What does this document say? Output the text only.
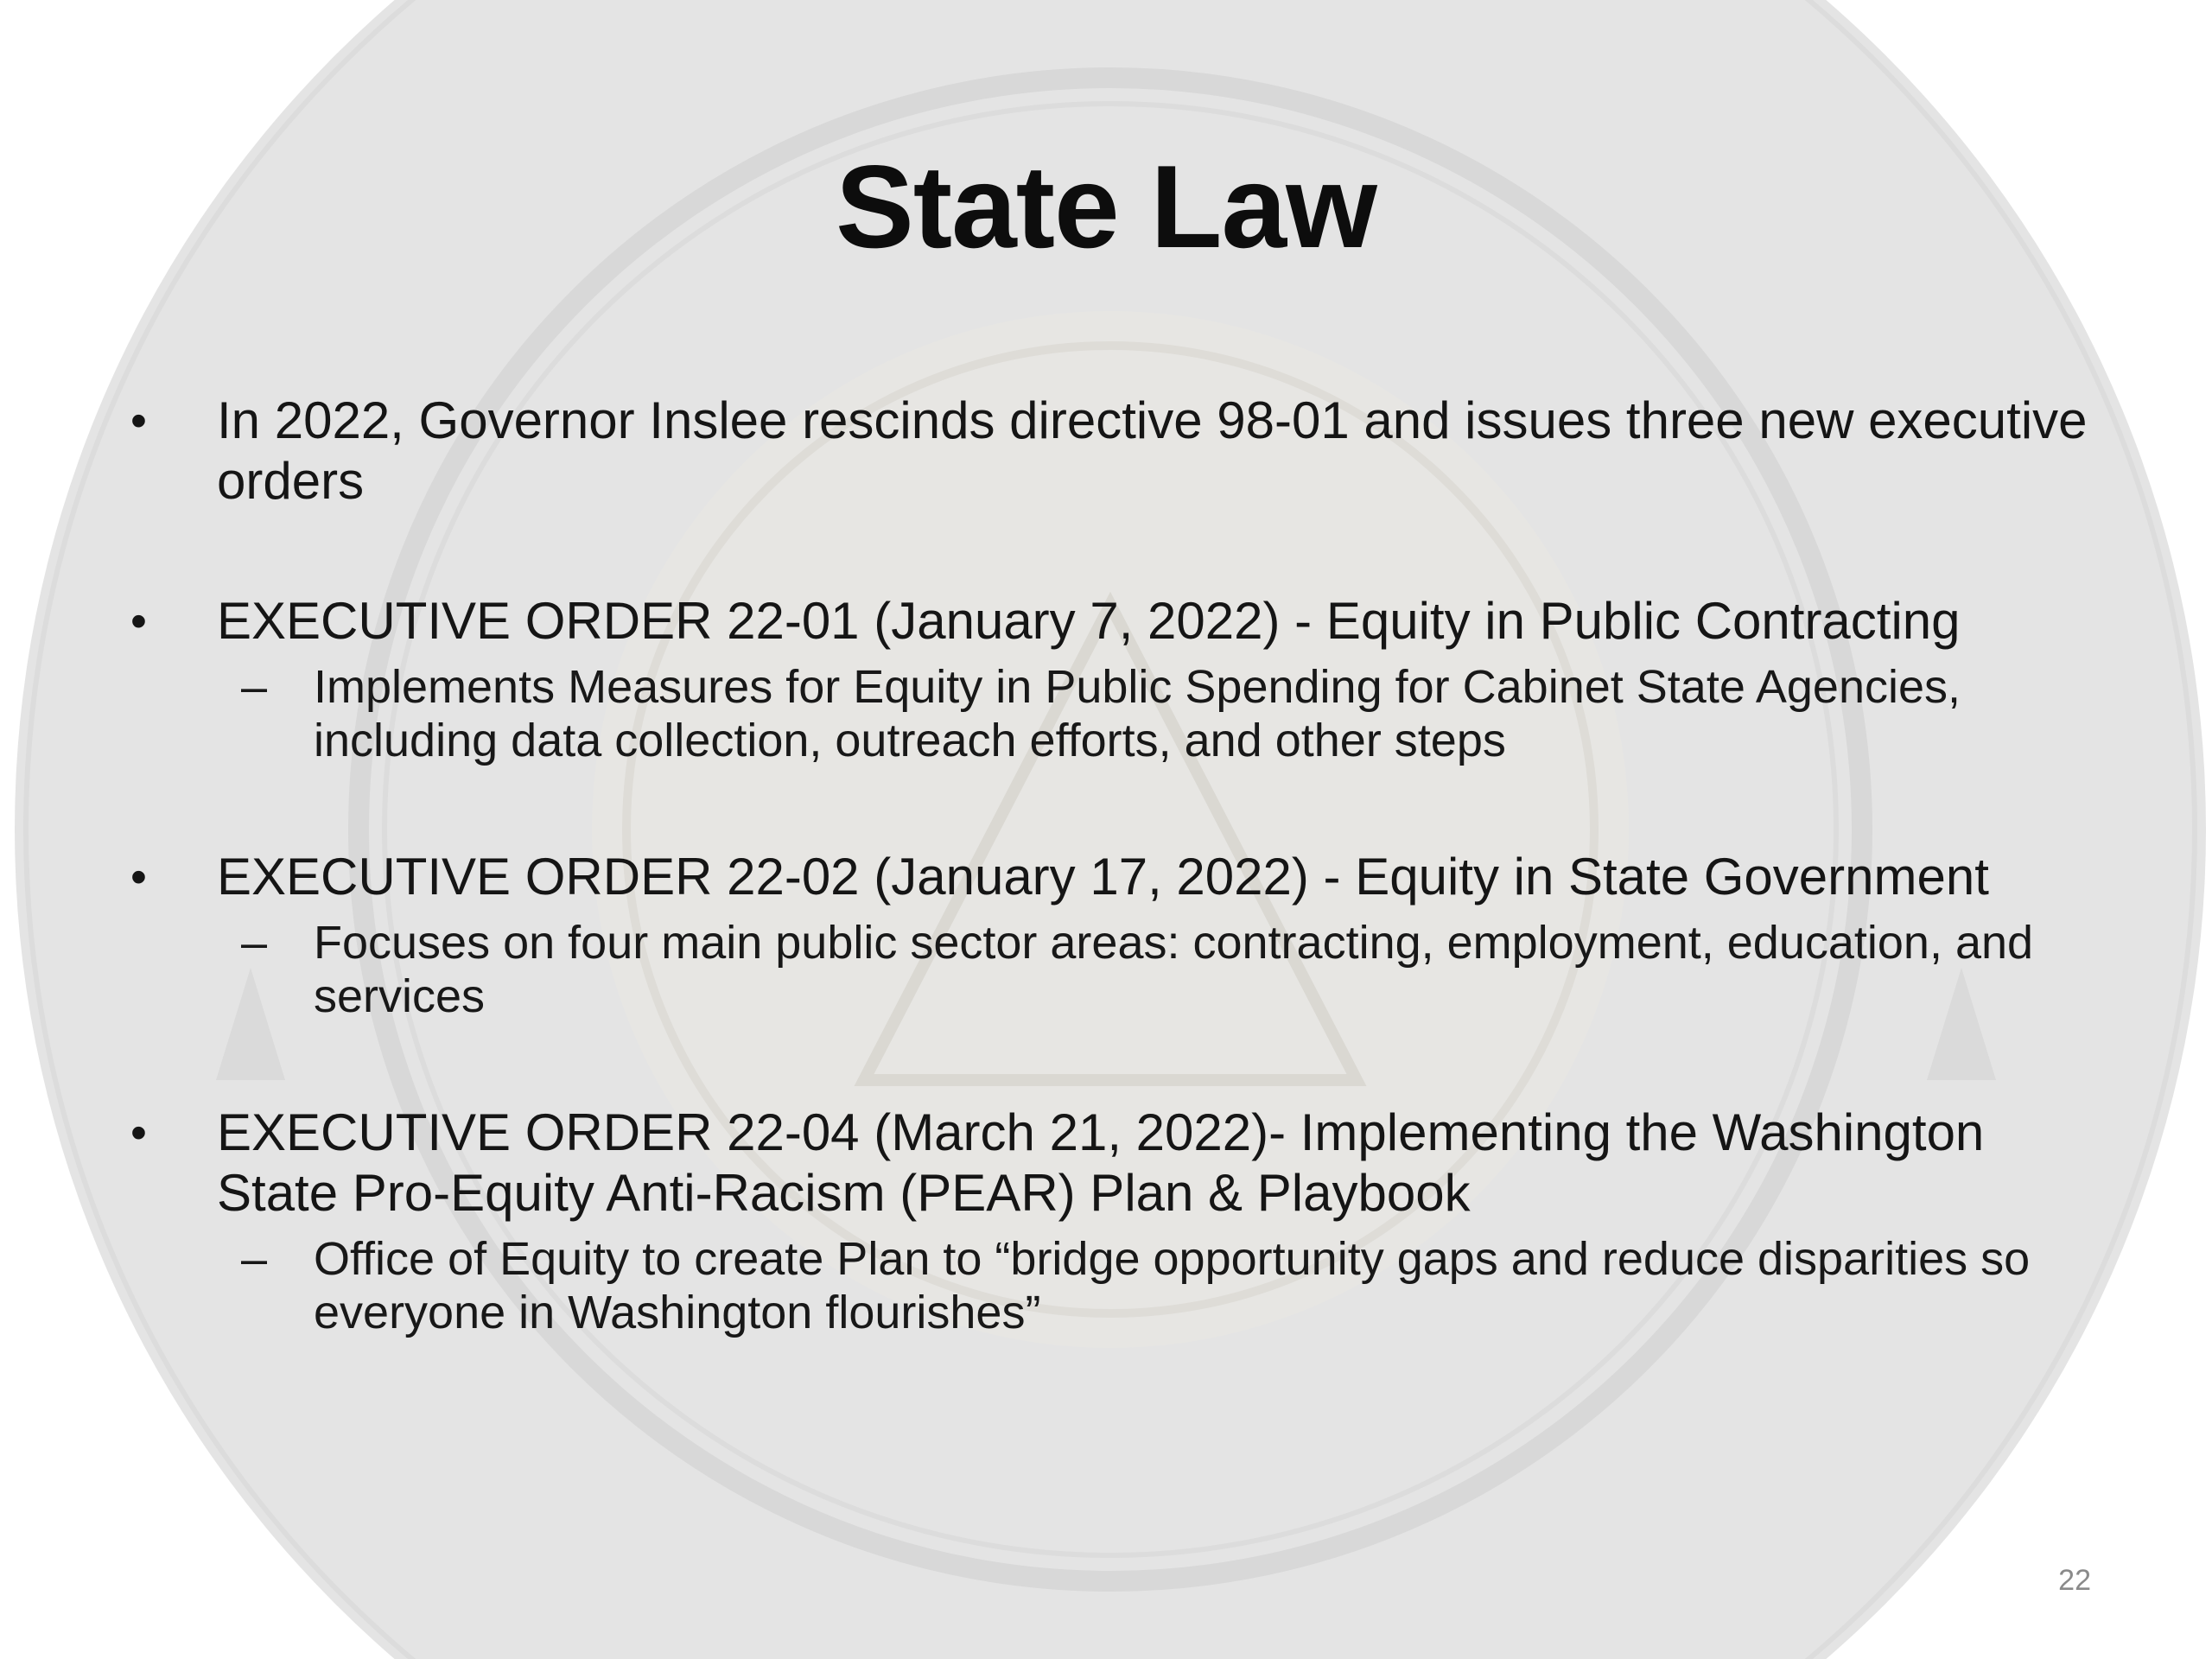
State Law
• In 2022, Governor Inslee rescinds directive 98-01 and issues three new executive orders
• EXECUTIVE ORDER 22-01 (January 7, 2022) - Equity in Public Contracting
– Implements Measures for Equity in Public Spending for Cabinet State Agencies, including data collection, outreach efforts, and other steps
• EXECUTIVE ORDER 22-02 (January 17, 2022) - Equity in State Government
– Focuses on four main public sector areas: contracting, employment, education, and services
• EXECUTIVE ORDER 22-04 (March 21, 2022)- Implementing the Washington State Pro-Equity Anti-Racism (PEAR) Plan & Playbook
– Office of Equity to create Plan to “bridge opportunity gaps and reduce disparities so everyone in Washington flourishes”
22
